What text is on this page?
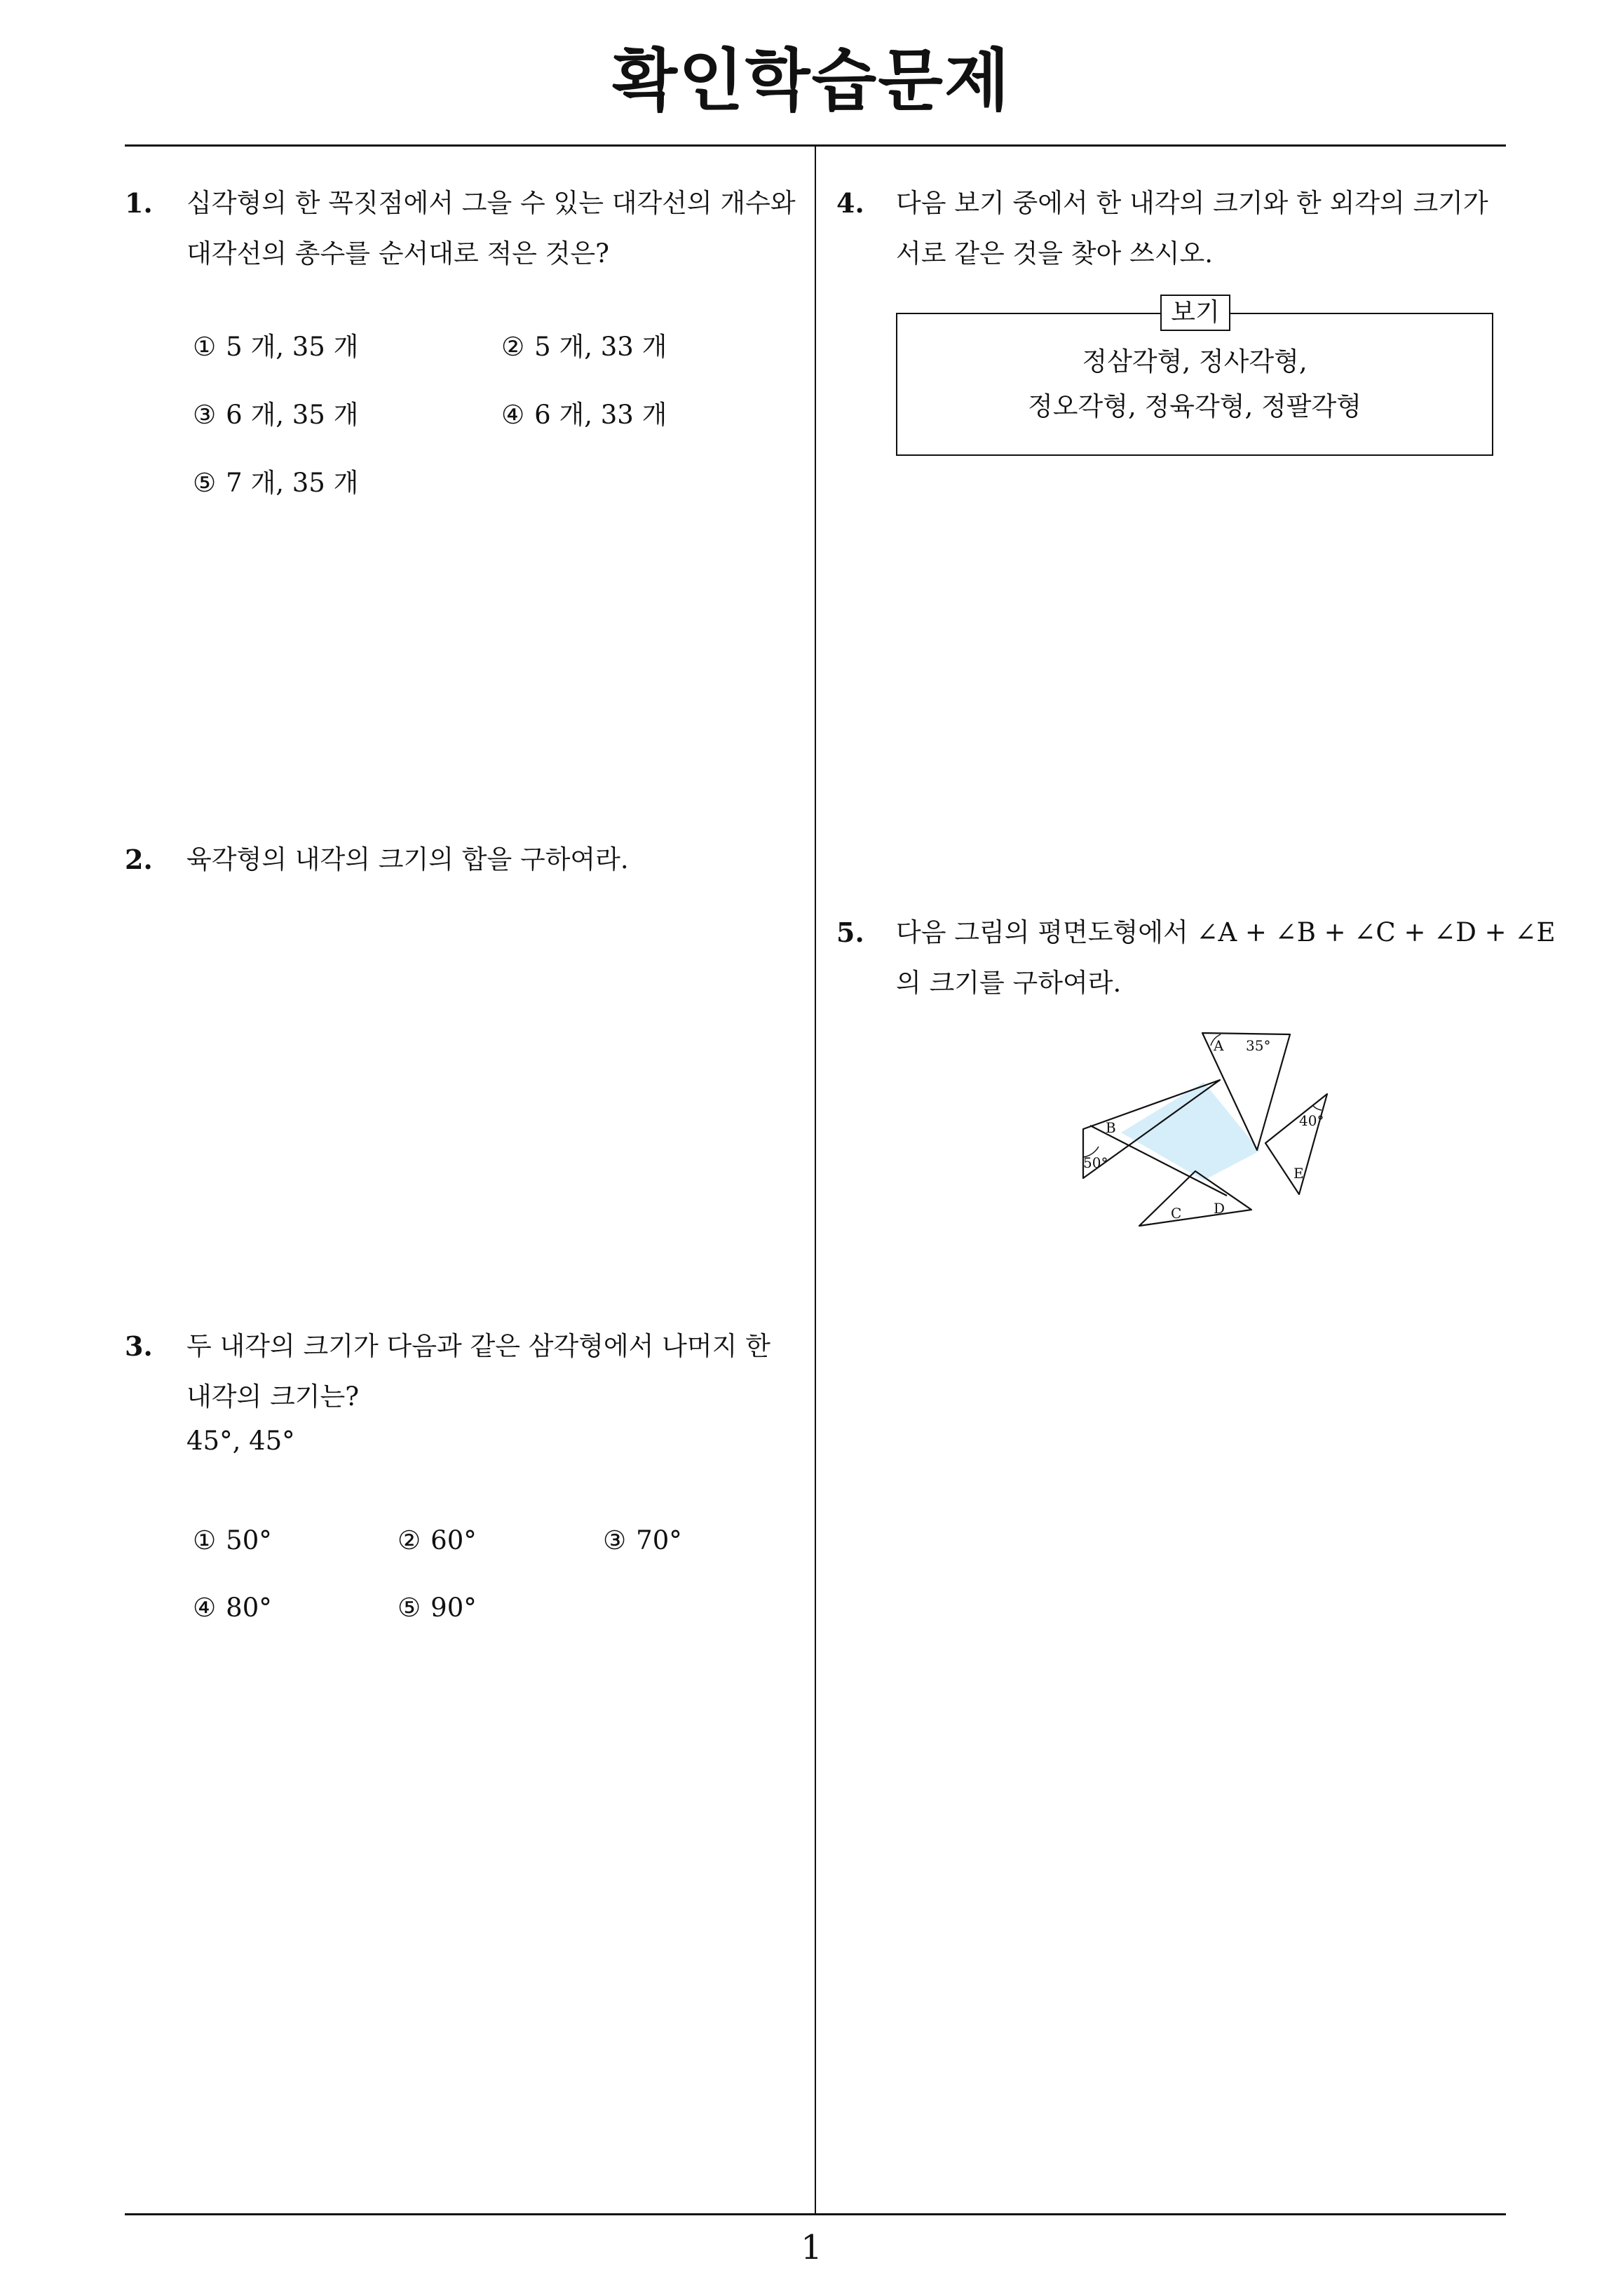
확인학습문제
1. 십각형의 한 꼭짓점에서 그을 수 있는 대각선의 개수와
대각선의 총수를 순서대로 적은 것은?
① 5 개, 35 개	② 5 개, 33 개
③ 6 개, 35 개	④ 6 개, 33 개
⑤ 7 개, 35 개
2. 육각형의 내각의 크기의 합을 구하여라.
3. 두 내각의 크기가 다음과 같은 삼각형에서 나머지 한
내각의 크기는?
45°, 45°
① 50°	② 60°	③ 70°
④ 80°	⑤ 90°
4. 다음 보기 중에서 한 내각의 크기와 한 외각의 크기가
서로 같은 것을 찾아 쓰시오.
보기
정삼각형, 정사각형,
정오각형, 정육각형, 정팔각형
5. 다음 그림의 평면도형에서 ∠A + ∠B + ∠C + ∠D + ∠E
의 크기를 구하여라.
A 35°
B
50°
E
40°
C D
1
